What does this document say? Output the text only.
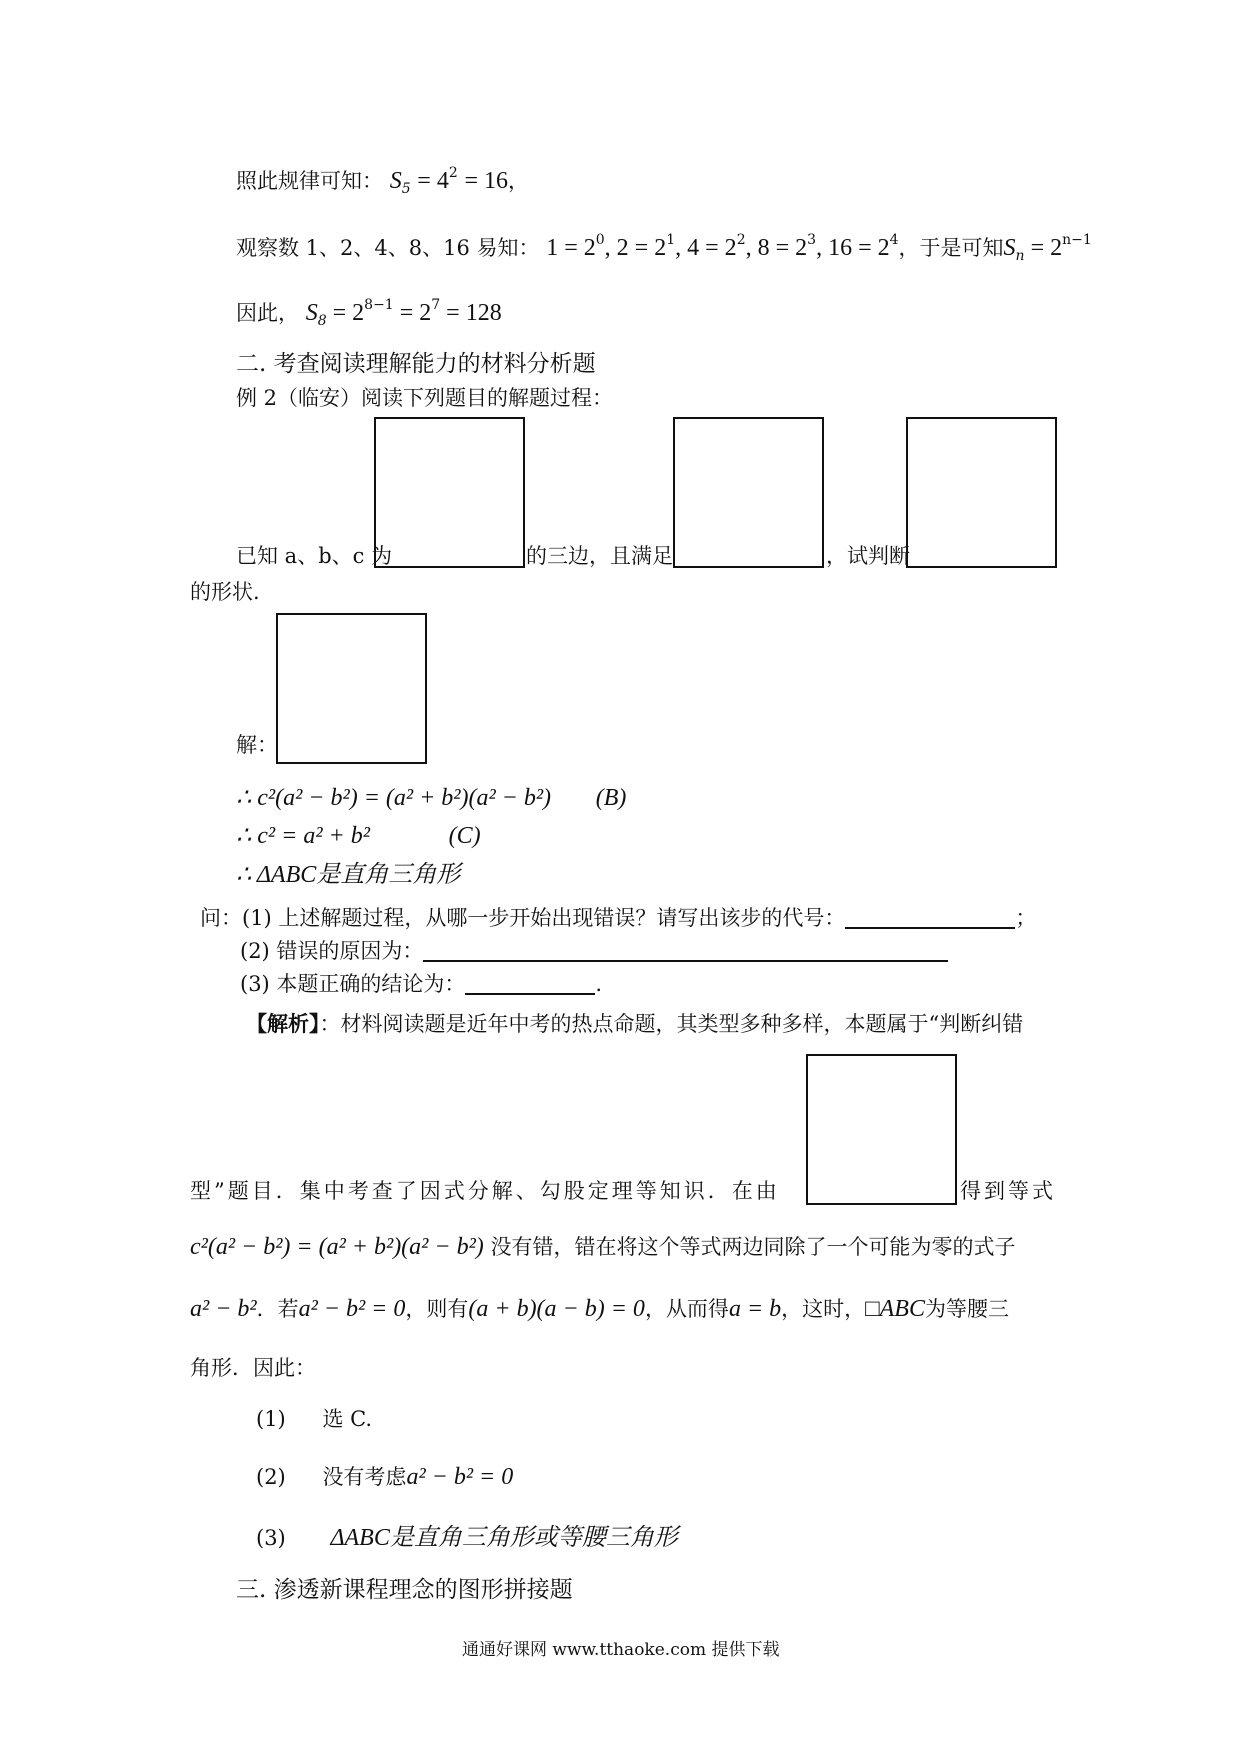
照此规律可知： $S_5 = 4^2 = 16$，
观察数 1、2、4、8、16 易知： $1 = 2^0$, $2 = 2^1$, $4 = 2^2$, $8 = 2^3$, $16 = 2^4$，于是可知$S_n = 2^{n-1}$
因此， $S_8 = 2^{8-1} = 2^7 = 128$
二. 考查阅读理解能力的材料分析题
例 2（临安）阅读下列题目的解题过程：
已知 a、b、c 为	的三边，且满足	，试判断
的形状.
解：
∴ c²(a² − b²) = (a² + b²)(a² − b²) (B)
∴ c² = a² + b²	(C)
∴ ΔABC是直角三角形
问：(1) 上述解题过程，从哪一步开始出现错误？请写出该步的代号：	；
(2) 错误的原因为：
(3) 本题正确的结论为：	.
【解析】：材料阅读题是近年中考的热点命题，其类型多种多样，本题属于“判断纠错
型”题目．集中考查了因式分解、勾股定理等知识．在由	得到等式
c²(a² − b²) = (a² + b²)(a² − b²) 没有错，错在将这个等式两边同除了一个可能为零的式子
a² − b²．若a² − b² = 0，则有(a + b)(a − b) = 0，从而得a = b，这时，□ABC为等腰三
角形．因此：
(1) 选 C.
(2) 没有考虑a² − b² = 0
(3) ΔABC是直角三角形或等腰三角形
三. 渗透新课程理念的图形拼接题
通通好课网 www.tthaoke.com 提供下载
